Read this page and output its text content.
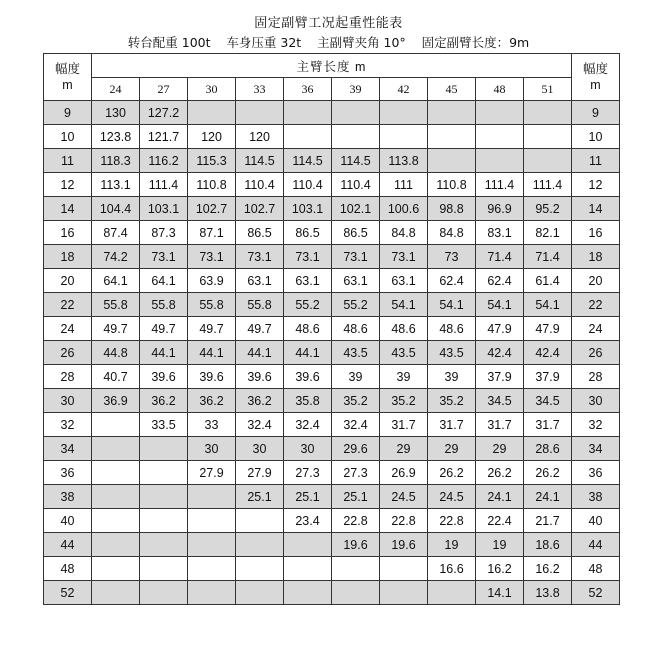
固定副臂工况起重性能表
转台配重 100t    车身压重 32t    主副臂夹角 10°    固定副臂长度：9m
幅度
m	主臂长度 m										幅度
m
	24	27	30	33	36	39	42	45	48	51	
9	130	127.2									9
10	123.8	121.7	120	120							10
11	118.3	116.2	115.3	114.5	114.5	114.5	113.8				11
12	113.1	111.4	110.8	110.4	110.4	110.4	111	110.8	111.4	111.4	12
14	104.4	103.1	102.7	102.7	103.1	102.1	100.6	98.8	96.9	95.2	14
16	87.4	87.3	87.1	86.5	86.5	86.5	84.8	84.8	83.1	82.1	16
18	74.2	73.1	73.1	73.1	73.1	73.1	73.1	73	71.4	71.4	18
20	64.1	64.1	63.9	63.1	63.1	63.1	63.1	62.4	62.4	61.4	20
22	55.8	55.8	55.8	55.8	55.2	55.2	54.1	54.1	54.1	54.1	22
24	49.7	49.7	49.7	49.7	48.6	48.6	48.6	48.6	47.9	47.9	24
26	44.8	44.1	44.1	44.1	44.1	43.5	43.5	43.5	42.4	42.4	26
28	40.7	39.6	39.6	39.6	39.6	39	39	39	37.9	37.9	28
30	36.9	36.2	36.2	36.2	35.8	35.2	35.2	35.2	34.5	34.5	30
32		33.5	33	32.4	32.4	32.4	31.7	31.7	31.7	31.7	32
34			30	30	30	29.6	29	29	29	28.6	34
36			27.9	27.9	27.3	27.3	26.9	26.2	26.2	26.2	36
38				25.1	25.1	25.1	24.5	24.5	24.1	24.1	38
40					23.4	22.8	22.8	22.8	22.4	21.7	40
44						19.6	19.6	19	19	18.6	44
48								16.6	16.2	16.2	48
52									14.1	13.8	52
